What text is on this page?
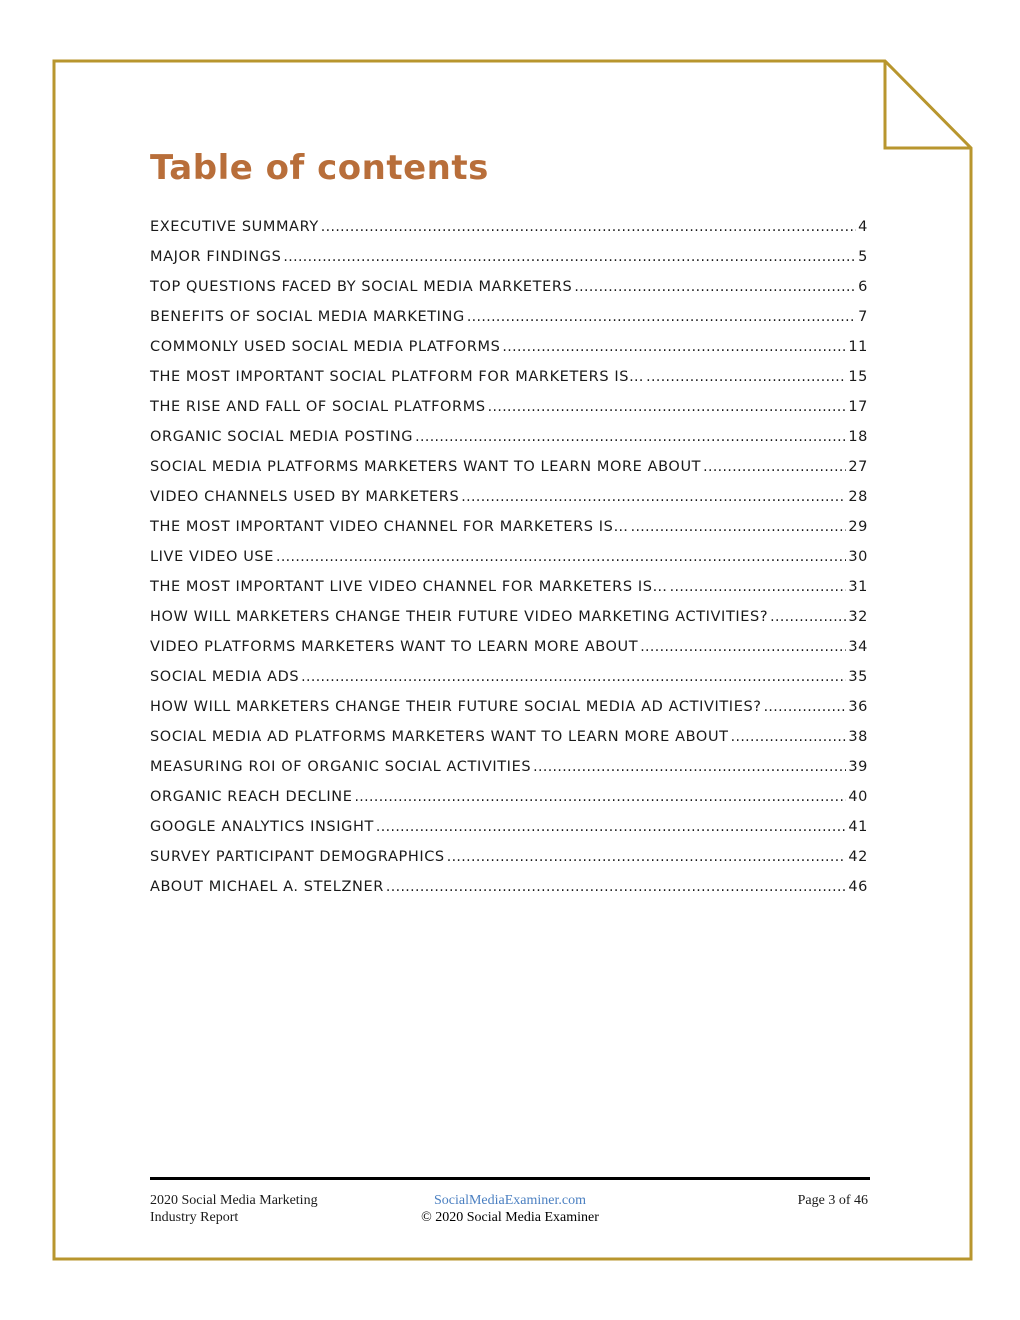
Table of contents
EXECUTIVE SUMMARY .....	4
MAJOR FINDINGS .....	5
TOP QUESTIONS FACED BY SOCIAL MEDIA MARKETERS .....	6
BENEFITS OF SOCIAL MEDIA MARKETING .....	7
COMMONLY USED SOCIAL MEDIA PLATFORMS .....	11
THE MOST IMPORTANT SOCIAL PLATFORM FOR MARKETERS IS… .....	15
THE RISE AND FALL OF SOCIAL PLATFORMS .....	17
ORGANIC SOCIAL MEDIA POSTING .....	18
SOCIAL MEDIA PLATFORMS MARKETERS WANT TO LEARN MORE ABOUT .....	27
VIDEO CHANNELS USED BY MARKETERS .....	28
THE MOST IMPORTANT VIDEO CHANNEL FOR MARKETERS IS… .....	29
LIVE VIDEO USE .....	30
THE MOST IMPORTANT LIVE VIDEO CHANNEL FOR MARKETERS IS… .....	31
HOW WILL MARKETERS CHANGE THEIR FUTURE VIDEO MARKETING ACTIVITIES? .....	32
VIDEO PLATFORMS MARKETERS WANT TO LEARN MORE ABOUT .....	34
SOCIAL MEDIA ADS .....	35
HOW WILL MARKETERS CHANGE THEIR FUTURE SOCIAL MEDIA AD ACTIVITIES? .....	36
SOCIAL MEDIA AD PLATFORMS MARKETERS WANT TO LEARN MORE ABOUT .....	38
MEASURING ROI OF ORGANIC SOCIAL ACTIVITIES .....	39
ORGANIC REACH DECLINE .....	40
GOOGLE ANALYTICS INSIGHT .....	41
SURVEY PARTICIPANT DEMOGRAPHICS .....	42
ABOUT MICHAEL A. STELZNER .....	46
2020 Social Media Marketing
Industry Report
SocialMediaExaminer.com
© 2020 Social Media Examiner
Page 3 of 46
